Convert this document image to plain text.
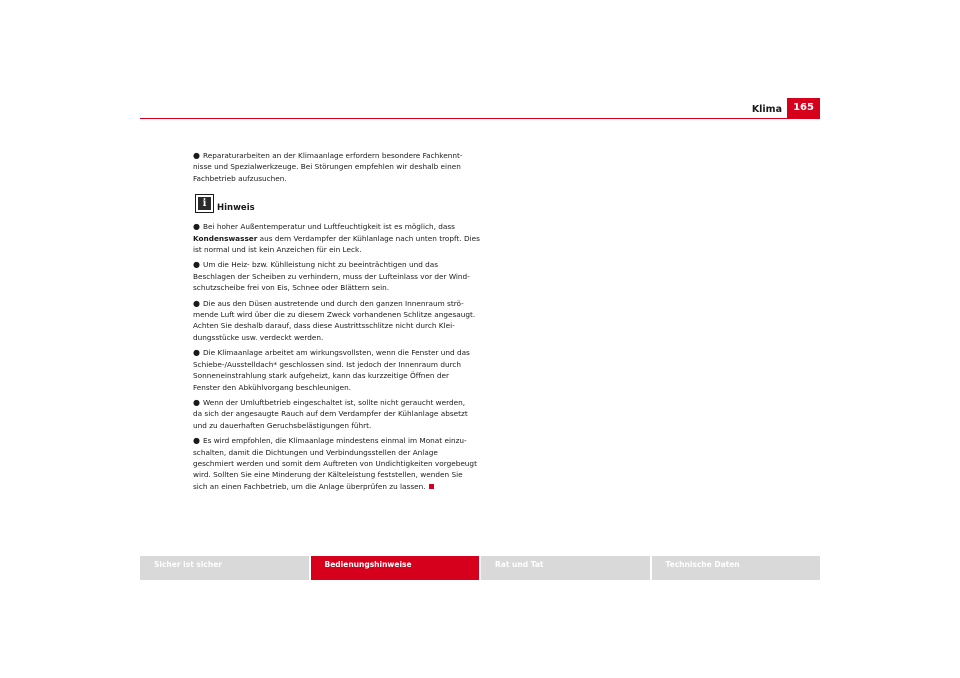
Klima	165
● Reparaturarbeiten an der Klimaanlage erfordern besondere Fachkennt-
nisse und Spezialwerkzeuge. Bei Störungen empfehlen wir deshalb einen
Fachbetrieb aufzusuchen.
i	Hinweis
● Bei hoher Außentemperatur und Luftfeuchtigkeit ist es möglich, dass
Kondenswasser aus dem Verdampfer der Kühlanlage nach unten tropft. Dies
ist normal und ist kein Anzeichen für ein Leck.
● Um die Heiz- bzw. Kühlleistung nicht zu beeinträchtigen und das
Beschlagen der Scheiben zu verhindern, muss der Lufteinlass vor der Wind-
schutzscheibe frei von Eis, Schnee oder Blättern sein.
● Die aus den Düsen austretende und durch den ganzen Innenraum strö-
mende Luft wird über die zu diesem Zweck vorhandenen Schlitze angesaugt.
Achten Sie deshalb darauf, dass diese Austrittsschlitze nicht durch Klei-
dungsstücke usw. verdeckt werden.
● Die Klimaanlage arbeitet am wirkungsvollsten, wenn die Fenster und das
Schiebe-/Ausstelldach* geschlossen sind. Ist jedoch der Innenraum durch
Sonneneinstrahlung stark aufgeheizt, kann das kurzzeitige Öffnen der
Fenster den Abkühlvorgang beschleunigen.
● Wenn der Umluftbetrieb eingeschaltet ist, sollte nicht geraucht werden,
da sich der angesaugte Rauch auf dem Verdampfer der Kühlanlage absetzt
und zu dauerhaften Geruchsbelästigungen führt.
● Es wird empfohlen, die Klimaanlage mindestens einmal im Monat einzu-
schalten, damit die Dichtungen und Verbindungsstellen der Anlage
geschmiert werden und somit dem Auftreten von Undichtigkeiten vorgebeugt
wird. Sollten Sie eine Minderung der Kälteleistung feststellen, wenden Sie
sich an einen Fachbetrieb, um die Anlage überprüfen zu lassen.
Sicher ist sicher	Bedienungshinweise	Rat und Tat	Technische Daten
